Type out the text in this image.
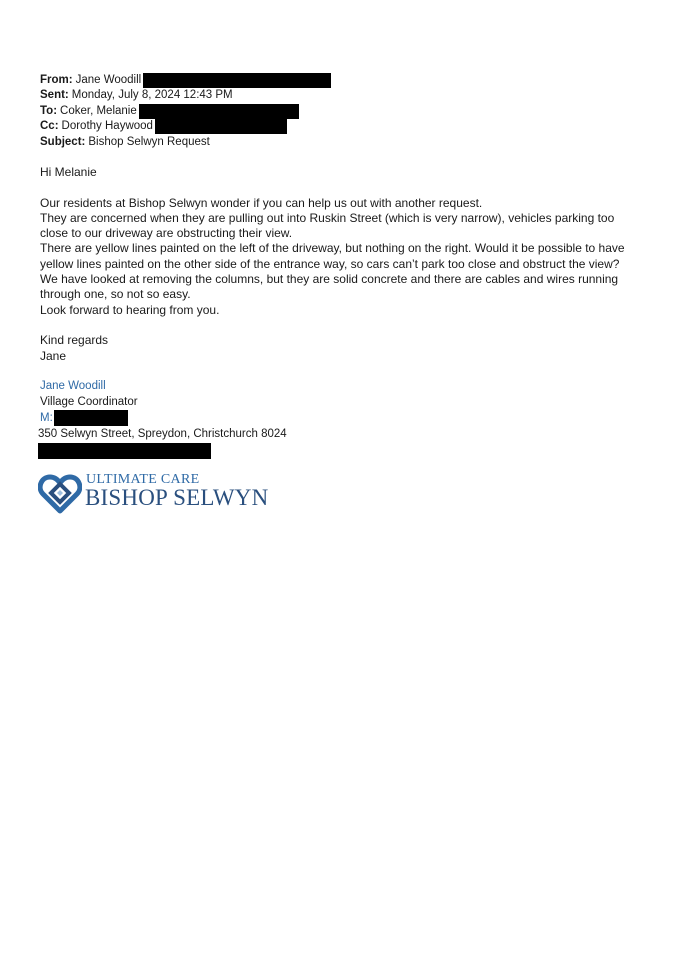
From: Jane Woodill
Sent: Monday, July 8, 2024 12:43 PM
To: Coker, Melanie
Cc: Dorothy Haywood
Subject: Bishop Selwyn Request

Hi Melanie

Our residents at Bishop Selwyn wonder if you can help us out with another request.

They are concerned when they are pulling out into Ruskin Street (which is very narrow), vehicles parking too close to our driveway are obstructing their view.

There are yellow lines painted on the left of the driveway, but nothing on the right. Would it be possible to have yellow lines painted on the other side of the entrance way, so cars can’t park too close and obstruct the view?

We have looked at removing the columns, but they are solid concrete and there are cables and wires running through one, so not so easy.

Look forward to hearing from you.

Kind regards

Jane

Jane Woodill
Village Coordinator
M:
350 Selwyn Street, Spreydon, Christchurch 8024
ULTIMATE CARE
BISHOP SELWYN
